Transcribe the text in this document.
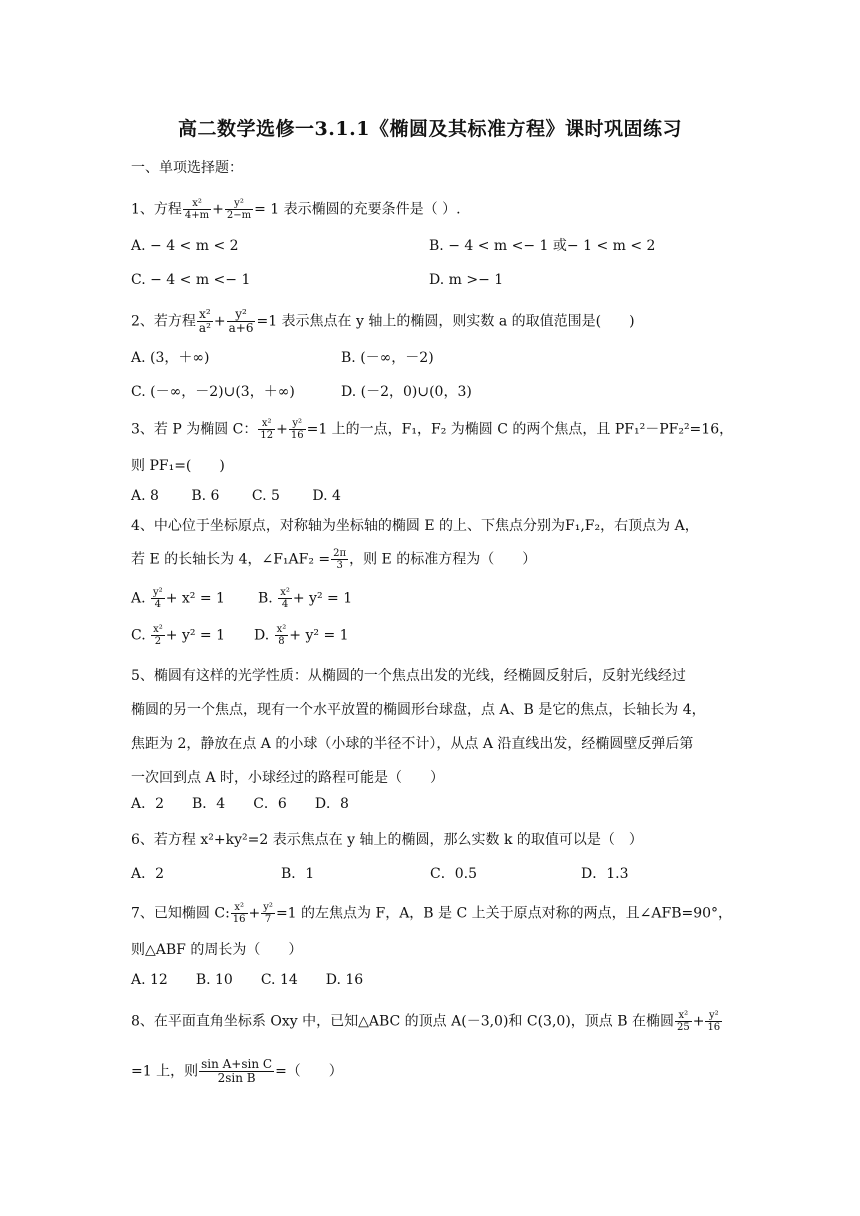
高二数学选修一3.1.1《椭圆及其标准方程》课时巩固练习
一、单项选择题：
1、方程 $\frac{\text{x²}}{4+m} + \frac{\text{y²}}{2-m} = 1$ 表示椭圆的充要条件是（ ）.
A. − 4 < m < 2	B. − 4 < m <− 1 或− 1 < m < 2
C. − 4 < m <− 1	D. m >− 1
2、若方程 $\frac{\text{x²}}{\text{a²}} + \frac{\text{y²}}{a+6} =1$ 表示焦点在 y 轴上的椭圆，则实数 a 的取值范围是(　　)
A. (3，＋∞)	B. (－∞，－2)
C. (－∞，－2)∪(3，＋∞)	D. (－2，0)∪(0，3)
3、若 P 为椭圆 C： $\frac{\text{x²}}{12} + \frac{\text{y²}}{16} =1$ 上的一点，F₁，F₂ 为椭圆 C 的两个焦点，且 PF₁²－PF₂²=16，
则 PF₁=(　　)
A. 8　　 B. 6　　 C. 5　　 D. 4
4、中心位于坐标原点，对称轴为坐标轴的椭圆 E 的上、下焦点分别为F₁,F₂，右顶点为 A，
若 E 的长轴长为 4，∠F₁AF₂ = $\frac{2\pi}{3}$ ，则 E 的标准方程为（　　）
A. $\frac{\text{y²}}{4} + x^2 = 1$ B. $\frac{\text{x²}}{4} + y^2 = 1$
C. $\frac{\text{x²}}{2} + y^2 = 1$ D. $\frac{\text{x²}}{8} + y^2 = 1$
5、椭圆有这样的光学性质：从椭圆的一个焦点出发的光线，经椭圆反射后，反射光线经过
椭圆的另一个焦点，现有一个水平放置的椭圆形台球盘，点 A、B 是它的焦点，长轴长为 4，
焦距为 2，静放在点 A 的小球（小球的半径不计），从点 A 沿直线出发，经椭圆壁反弹后第
一次回到点 A 时，小球经过的路程可能是（　　）
A．2　　B．4　　C．6　　D．8
6、若方程 x²+ky²=2 表示焦点在 y 轴上的椭圆，那么实数 k 的取值可以是（　）
A．2	B．1	C．0.5	D．1.3
7、已知椭圆 C: $\frac{\text{x²}}{16} + \frac{\text{y²}}{7} =1$ 的左焦点为 F，A，B 是 C 上关于原点对称的两点，且∠AFB=90°，
则△ABF 的周长为（　　）
A. 12　　B. 10　　C. 14　　D. 16
8、在平面直角坐标系 Oxy 中，已知△ABC 的顶点 A(－3,0)和 C(3,0)，顶点 B 在椭圆 $\frac{\text{x²}}{25} + \frac{\text{y²}}{16}$
=1 上，则 $\frac{\text{sin A+sin C}}{\text{2sin B}}$ =（　　）
